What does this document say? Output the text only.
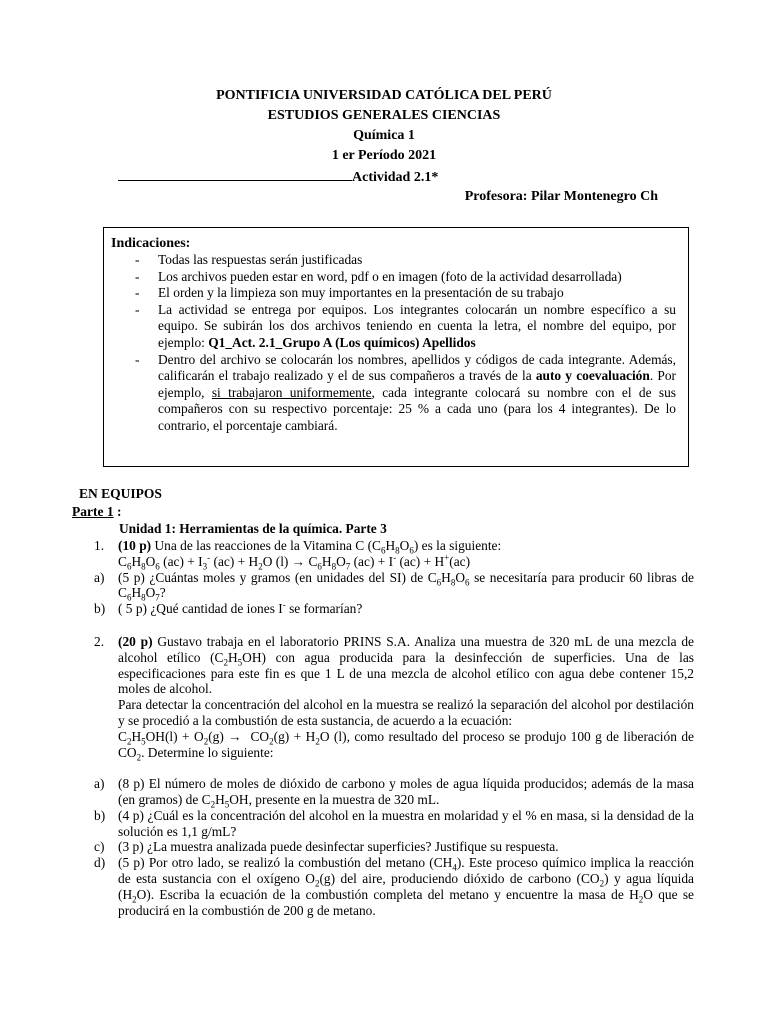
PONTIFICIA UNIVERSIDAD CATÓLICA DEL PERÚ
ESTUDIOS GENERALES CIENCIAS
Química 1
1 er Período 2021
Actividad 2.1*
Profesora: Pilar Montenegro Ch
Indicaciones:
- Todas las respuestas serán justificadas
- Los archivos pueden estar en word, pdf o en imagen (foto de la actividad desarrollada)
- El orden y la limpieza son muy importantes en la presentación de su trabajo
- La actividad se entrega por equipos. Los integrantes colocarán un nombre específico a su equipo. Se subirán los dos archivos teniendo en cuenta la letra, el nombre del equipo, por ejemplo: Q1_Act. 2.1_Grupo A (Los químicos) Apellidos
- Dentro del archivo se colocarán los nombres, apellidos y códigos de cada integrante. Además, calificarán el trabajo realizado y el de sus compañeros a través de la auto y coevaluación. Por ejemplo, si trabajaron uniformemente, cada integrante colocará su nombre con el de sus compañeros con su respectivo porcentaje: 25 % a cada uno (para los 4 integrantes). De lo contrario, el porcentaje cambiará.
EN EQUIPOS
Parte 1 :
Unidad 1: Herramientas de la química. Parte 3
1. (10 p) Una de las reacciones de la Vitamina C $(C_6H_8O_6)$ es la siguiente:
$C_6H_8O_6$ $(ac) + I_3^-$ $(ac) + H_2O$ $(l) \to C_6H_8O_7$ (ac) + I- (ac) + H+(ac)
a) (5 p) ¿Cuántas moles y gramos (en unidades del SI) de $C_6H_8O_6$ se necesitaría para producir 60 libras de $C_6H_8O_7$?
b) ( 5 p) ¿Qué cantidad de iones I- se formarían?
2. (20 p) Gustavo trabaja en el laboratorio PRINS S.A. Analiza una muestra de 320 mL de una mezcla de alcohol etílico $(C_2H_5OH)$ con agua producida para la desinfección de superficies. Una de las especificaciones para este fin es que 1 L de una mezcla de alcohol etílico con agua debe contener 15,2 moles de alcohol.
Para detectar la concentración del alcohol en la muestra se realizó la separación del alcohol por destilación y se procedió a la combustión de esta sustancia, de acuerdo a la ecuación:
$C_2H_5OH(l) + O_2(g) \to CO_2(g) + H_2O$ (l), como resultado del proceso se produjo 100 g de liberación de $CO_2$. Determine lo siguiente:
a) (8 p) El número de moles de dióxido de carbono y moles de agua líquida producidos; además de la masa (en gramos) de $C_2H_5OH$, presente en la muestra de 320 mL.
b) (4 p) ¿Cuál es la concentración del alcohol en la muestra en molaridad y el % en masa, si la densidad de la solución es 1,1 g/mL?
c) (3 p) ¿La muestra analizada puede desinfectar superficies? Justifique su respuesta.
d) (5 p) Por otro lado, se realizó la combustión del metano $(CH_4)$. Este proceso químico implica la reacción de esta sustancia con el oxígeno $O_2(g)$ del aire, produciendo dióxido de carbono $(CO_2)$ y agua líquida $(H_2O)$. Escriba la ecuación de la combustión completa del metano y encuentre la masa de $H_2O$ que se producirá en la combustión de 200 g de metano.
